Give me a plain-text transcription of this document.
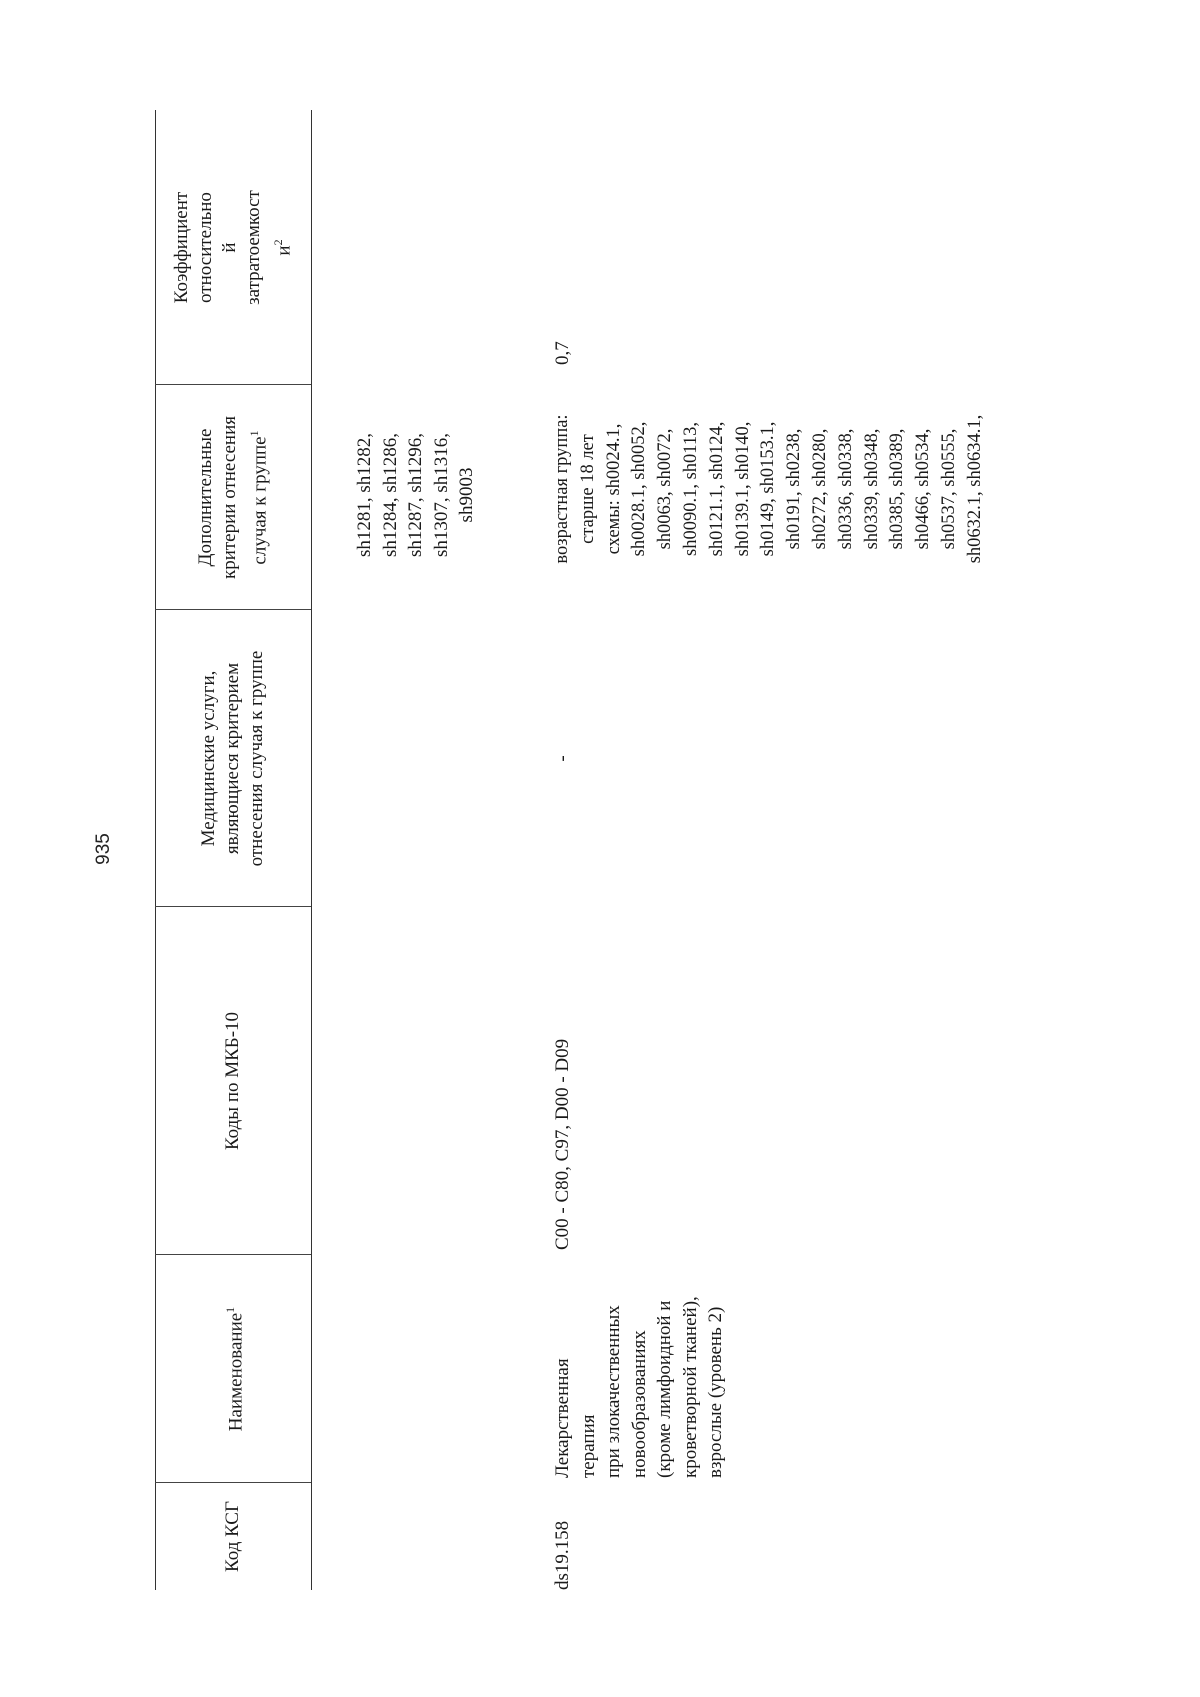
935
Код КСГ
Наименование$^1$
Коды по МКБ-10
Медицинские услуги, являющиеся критерием отнесения случая к группе
Дополнительные критерии отнесения случая к группе$^1$
Коэффициент относительно й затратоемкост $и^2$
sh1281, sh1282, sh1284, sh1286, sh1287, sh1296, sh1307, sh1316, sh9003
ds19.158
Лекарственная терапия при злокачественных новообразованиях (кроме лимфоидной и кроветворной тканей), взрослые (уровень 2)
C00 - C80, C97, D00 - D09
-
возрастная группа: старше 18 лет схемы: sh0024.1, sh0028.1, sh0052, sh0063, sh0072, sh0090.1, sh0113, sh0121.1, sh0124, sh0139.1, sh0140, sh0149, sh0153.1, sh0191, sh0238, sh0272, sh0280, sh0336, sh0338, sh0339, sh0348, sh0385, sh0389, sh0466, sh0534, sh0537, sh0555, sh0632.1, sh0634.1,
0,7
